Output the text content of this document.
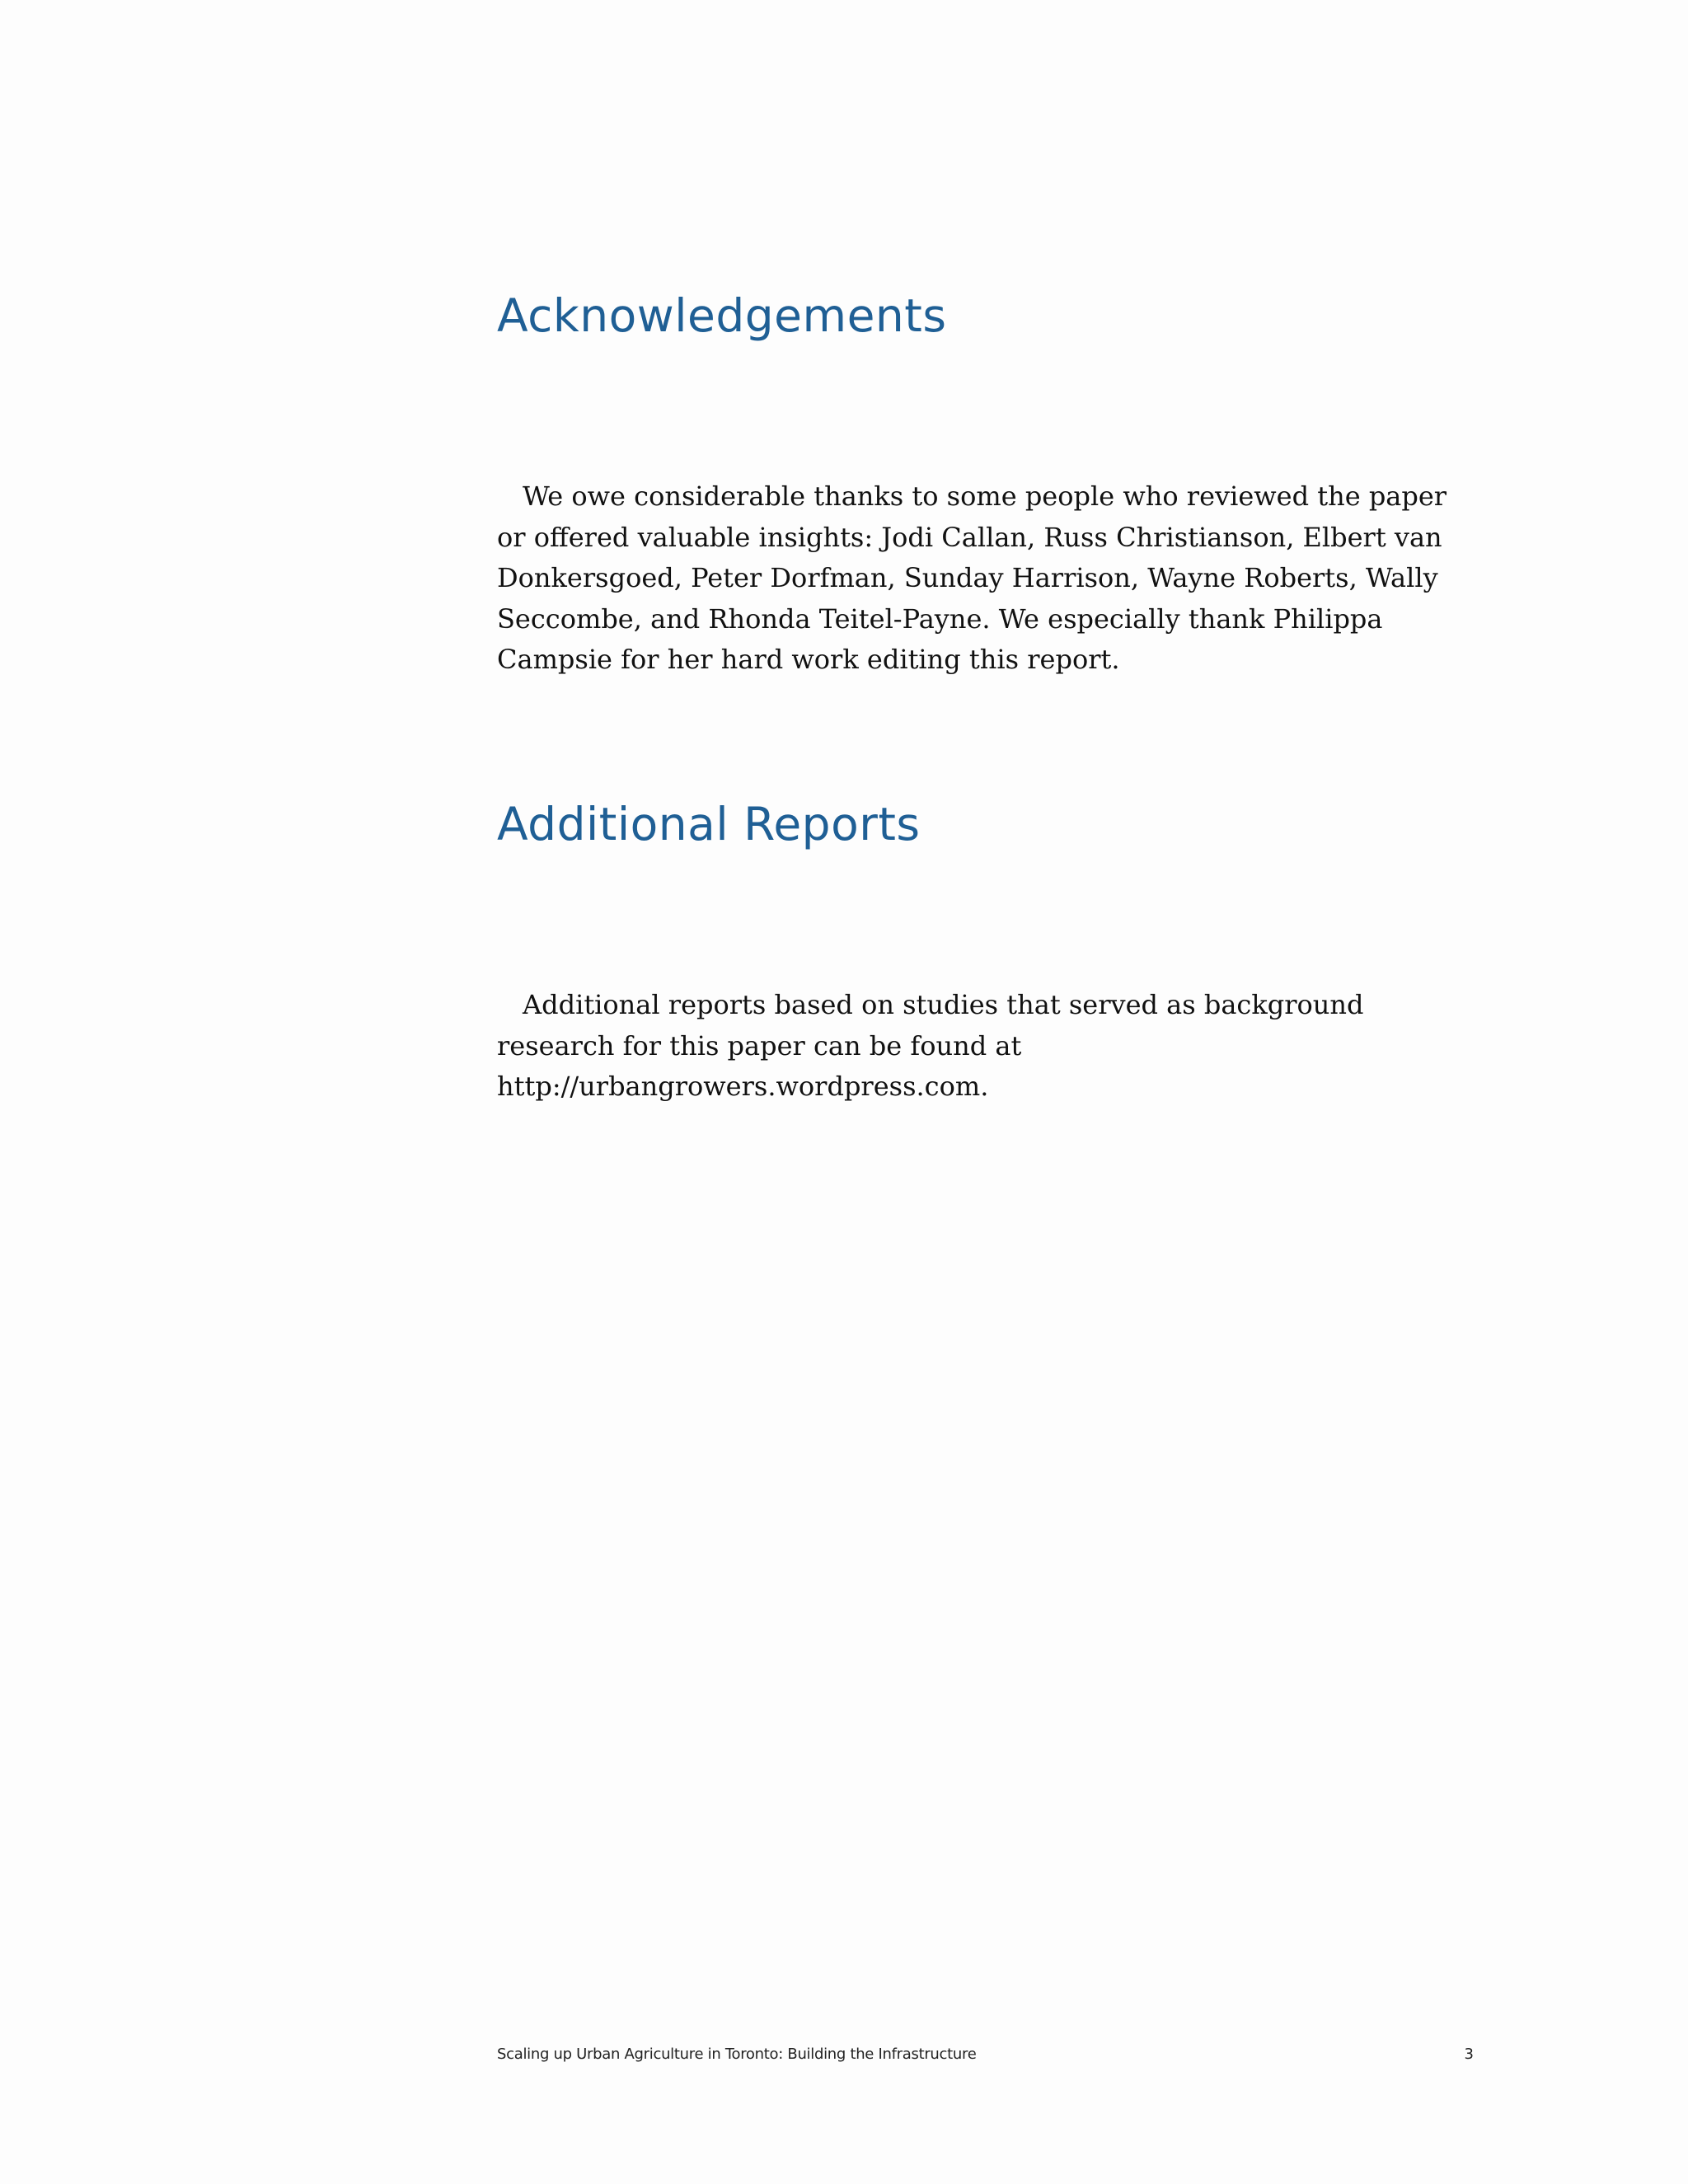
Acknowledgements

We owe considerable thanks to some people who reviewed the paper or offered valuable insights: Jodi Callan, Russ Christianson, Elbert van Donkersgoed, Peter Dorfman, Sunday Harrison, Wayne Roberts, Wally Seccombe, and Rhonda Teitel-Payne. We especially thank Philippa Campsie for her hard work editing this report.

Additional Reports

Additional reports based on studies that served as background research for this paper can be found at http://urbangrowers.wordpress.com.

Scaling up Urban Agriculture in Toronto: Building the Infrastructure	3
